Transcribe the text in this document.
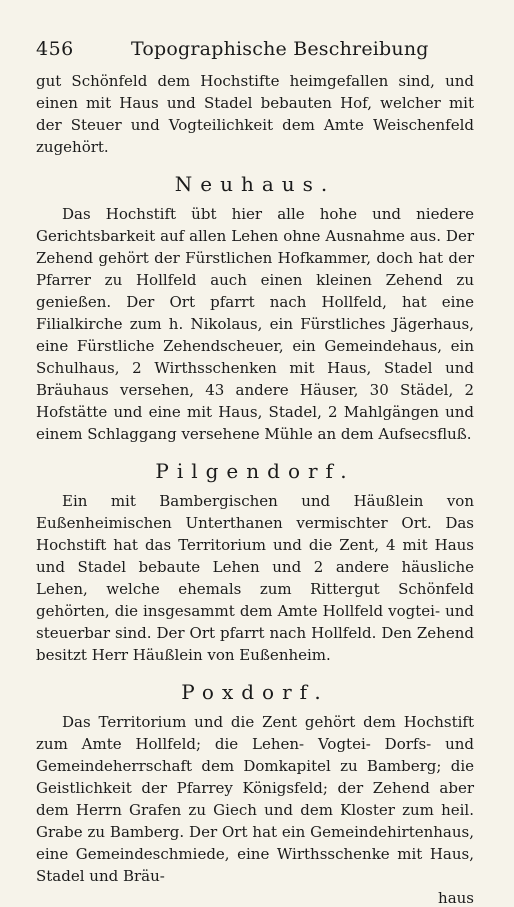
456	Topographische Beschreibung

gut Schönfeld dem Hochstifte heimgefallen sind, und einen mit Haus und Stadel bebauten Hof, welcher mit der Steuer und Vogteilichkeit dem Amte Weischenfeld zugehört.

Neuhaus.

Das Hochstift übt hier alle hohe und niedere Gerichtsbarkeit auf allen Lehen ohne Ausnahme aus. Der Zehend gehört der Fürstlichen Hofkammer, doch hat der Pfarrer zu Hollfeld auch einen kleinen Zehend zu genießen. Der Ort pfarrt nach Hollfeld, hat eine Filialkirche zum h. Nikolaus, ein Fürstliches Jägerhaus, eine Fürstliche Zehendscheuer, ein Gemeindehaus, ein Schulhaus, 2 Wirthsschenken mit Haus, Stadel und Bräuhaus versehen, 43 andere Häuser, 30 Städel, 2 Hofstätte und eine mit Haus, Stadel, 2 Mahlgängen und einem Schlaggang versehene Mühle an dem Aufsecsfluß.

Pilgendorf.

Ein mit Bambergischen und Häußlein von Eußenheimischen Unterthanen vermischter Ort. Das Hochstift hat das Territorium und die Zent, 4 mit Haus und Stadel bebaute Lehen und 2 andere häusliche Lehen, welche ehemals zum Rittergut Schönfeld gehörten, die insgesammt dem Amte Hollfeld vogtei- und steuerbar sind. Der Ort pfarrt nach Hollfeld. Den Zehend besitzt Herr Häußlein von Eußenheim.

Poxdorf.

Das Territorium und die Zent gehört dem Hochstift zum Amte Hollfeld; die Lehen- Vogtei- Dorfs- und Gemeindeherrschaft dem Domkapitel zu Bamberg; die Geistlichkeit der Pfarrey Königsfeld; der Zehend aber dem Herrn Grafen zu Giech und dem Kloster zum heil. Grabe zu Bamberg. Der Ort hat ein Gemeindehirtenhaus, eine Gemeindeschmiede, eine Wirthsschenke mit Haus, Stadel und Bräu-

haus
